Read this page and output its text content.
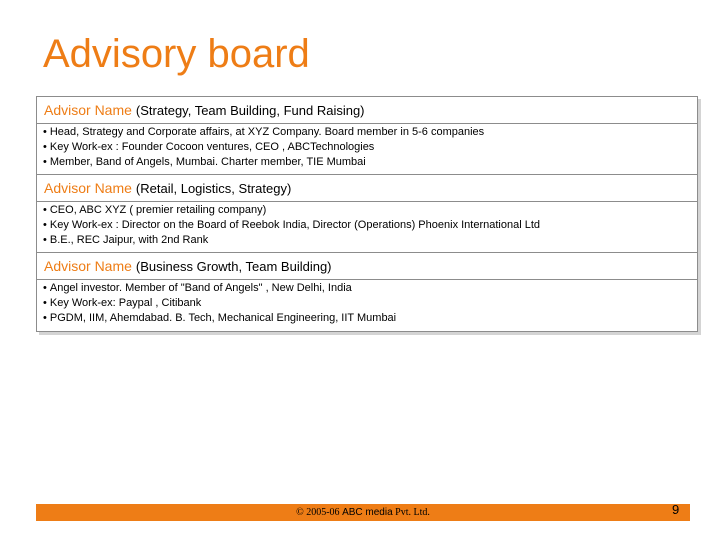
Advisory board
Advisor Name (Strategy, Team Building, Fund Raising)
• Head, Strategy and Corporate affairs, at XYZ Company. Board member in 5-6 companies
• Key Work-ex : Founder Cocoon ventures, CEO , ABCTechnologies
• Member, Band of Angels, Mumbai. Charter member, TIE Mumbai
Advisor Name (Retail, Logistics, Strategy)
• CEO, ABC XYZ ( premier retailing company)
• Key Work-ex : Director on the Board of Reebok India, Director (Operations) Phoenix International Ltd
• B.E., REC Jaipur, with 2nd Rank
Advisor Name (Business Growth, Team Building)
• Angel investor. Member of "Band of Angels" , New Delhi, India
• Key Work-ex: Paypal , Citibank
• PGDM, IIM, Ahemdabad. B. Tech, Mechanical Engineering, IIT Mumbai
© 2005-06 ABC media Pvt. Ltd.	9
